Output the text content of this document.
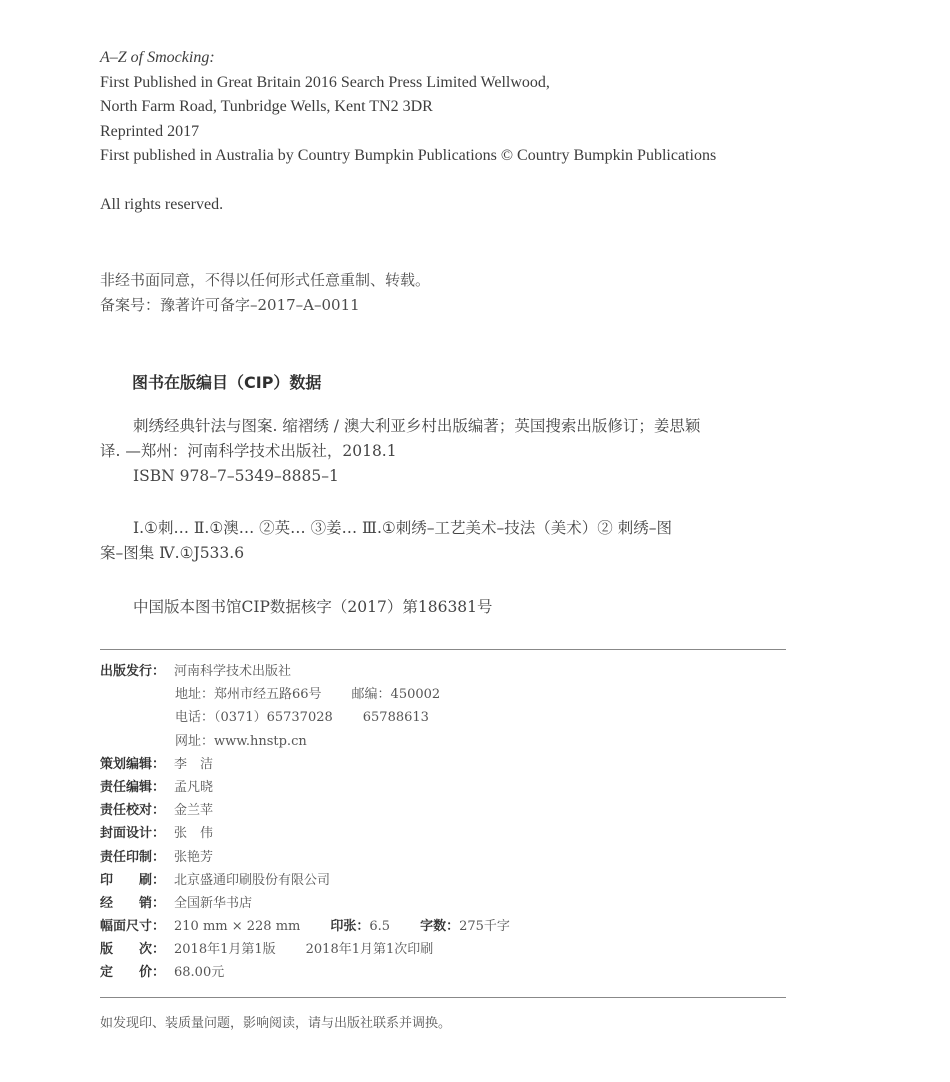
A–Z of Smocking:
First Published in Great Britain 2016 Search Press Limited Wellwood,
North Farm Road, Tunbridge Wells, Kent TN2 3DR
Reprinted 2017
First published in Australia by Country Bumpkin Publications © Country Bumpkin Publications
All rights reserved.
非经书面同意，不得以任何形式任意重制、转载。
备案号：豫著许可备字–2017–A–0011
图书在版编目（CIP）数据
刺绣经典针法与图案. 缩褶绣 / 澳大利亚乡村出版编著；英国搜索出版修订；姜思颖
译. —郑州：河南科学技术出版社，2018.1
ISBN 978–7–5349–8885–1
Ⅰ.①刺… Ⅱ.①澳… ②英… ③姜… Ⅲ.①刺绣–工艺美术–技法（美术）② 刺绣–图
案–图集 Ⅳ.①J533.6
中国版本图书馆CIP数据核字（2017）第186381号
出版发行： 河南科学技术出版社
地址：郑州市经五路66号 邮编：450002
电话：（0371）65737028 65788613
网址：www.hnstp.cn
策划编辑： 李　洁
责任编辑： 孟凡晓
责任校对： 金兰苹
封面设计： 张　伟
责任印制： 张艳芳
印　　刷： 北京盛通印刷股份有限公司
经　　销： 全国新华书店
幅面尺寸： 210 mm × 228 mm 印张： 6.5 字数： 275千字
版　　次： 2018年1月第1版 2018年1月第1次印刷
定　　价： 68.00元
如发现印、装质量问题，影响阅读，请与出版社联系并调换。
